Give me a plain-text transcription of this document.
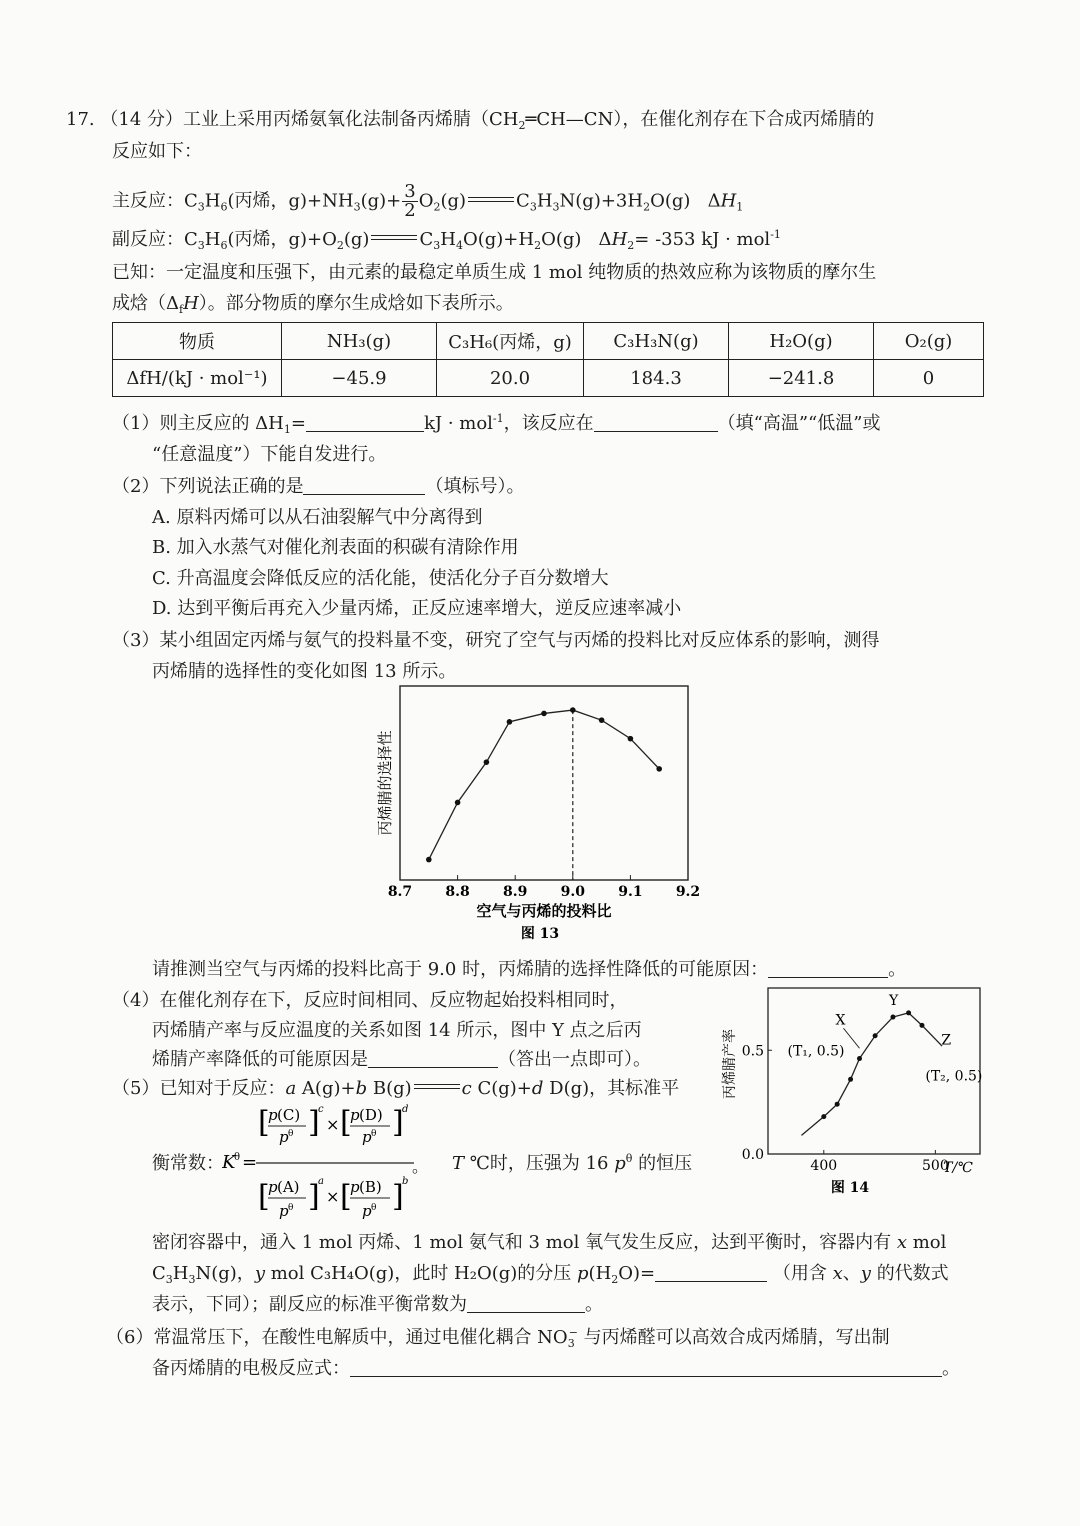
17. （14 分）工业上采用丙烯氨氧化法制备丙烯腈$(CH_2═CH—CN)$，在催化剂存在下合成丙烯腈的
反应如下：
主反应：$C_3H_6$(丙烯，$g)+NH_3(g)+ \frac{3}{2} O_2(g)$	$C_3H_3N(g)+3H_2O(g)$   $\Delta H_1$
副反应：$C_3H_6$(丙烯，$g)+O_2(g)$	$C_3H_4O(g)+H_2O(g)$   $\Delta H_2= -353$ kJ · mol$^{-1}$
已知：一定温度和压强下，由元素的最稳定单质生成 1 mol 纯物质的热效应称为该物质的摩尔生
成焓$(\Delta_fH)$。部分物质的摩尔生成焓如下表所示。
物质	NH₃(g)	C₃H₆(丙烯，g)	C₃H₃N(g)	H₂O(g)	O₂(g)
ΔfH/(kJ · mol⁻¹)	−45.9	20.0	184.3	−241.8	0
（1）则主反应的 $\Delta H_1=$	kJ · mol$^{-1}$，该反应在	（填“高温”“低温”或
“任意温度”）下能自发进行。
（2）下列说法正确的是	（填标号）。
A. 原料丙烯可以从石油裂解气中分离得到
B. 加入水蒸气对催化剂表面的积碳有清除作用
C. 升高温度会降低反应的活化能，使活化分子百分数增大
D. 达到平衡后再充入少量丙烯，正反应速率增大，逆反应速率减小
（3）某小组固定丙烯与氨气的投料量不变，研究了空气与丙烯的投料比对反应体系的影响，测得
丙烯腈的选择性的变化如图 13 所示。
丙烯腈的选择性
8.7 8.8 8.9 9.0 9.1 9.2
空气与丙烯的投料比
图 13
请推测当空气与丙烯的投料比高于 9.0 时，丙烯腈的选择性降低的可能原因：	。
（4）在催化剂存在下，反应时间相同、反应物起始投料相同时，
丙烯腈产率与反应温度的关系如图 14 所示，图中 Y 点之后丙
烯腈产率降低的可能原因是	（答出一点即可）。	丙烯腈产率
400	500
0.0
0.5
X
(T₁, 0.5)
Y
Z
(T₂, 0.5)
T/℃
图 14
（5）已知对于反应：a A(g)+b B(g)	c C(g)+d D(g)，其标准平
衡常数：
K
θ =
[
p (C)
p θ ]
c
× [
p (D)
p θ ]
d
[
p (A)
p θ ]
a
× [
p (B)
p θ ]
b
。 T ℃时，压强为 16 $p^\theta$ 的恒压
密闭容器中，通入 1 mol 丙烯、1 mol 氨气和 3 mol 氧气发生反应，达到平衡时，容器内有 x mol
$C_3H_3N(g)$，y mol C₃H₄O(g)，此时 H₂O(g)的分压 $p(H_2O)=$	（用含 x、y 的代数式
表示，下同）；副反应的标准平衡常数为	。
（6）常温常压下，在酸性电解质中，通过电催化耦合 $NO_3^-$ 与丙烯醛可以高效合成丙烯腈，写出制
备丙烯腈的电极反应式：	。
